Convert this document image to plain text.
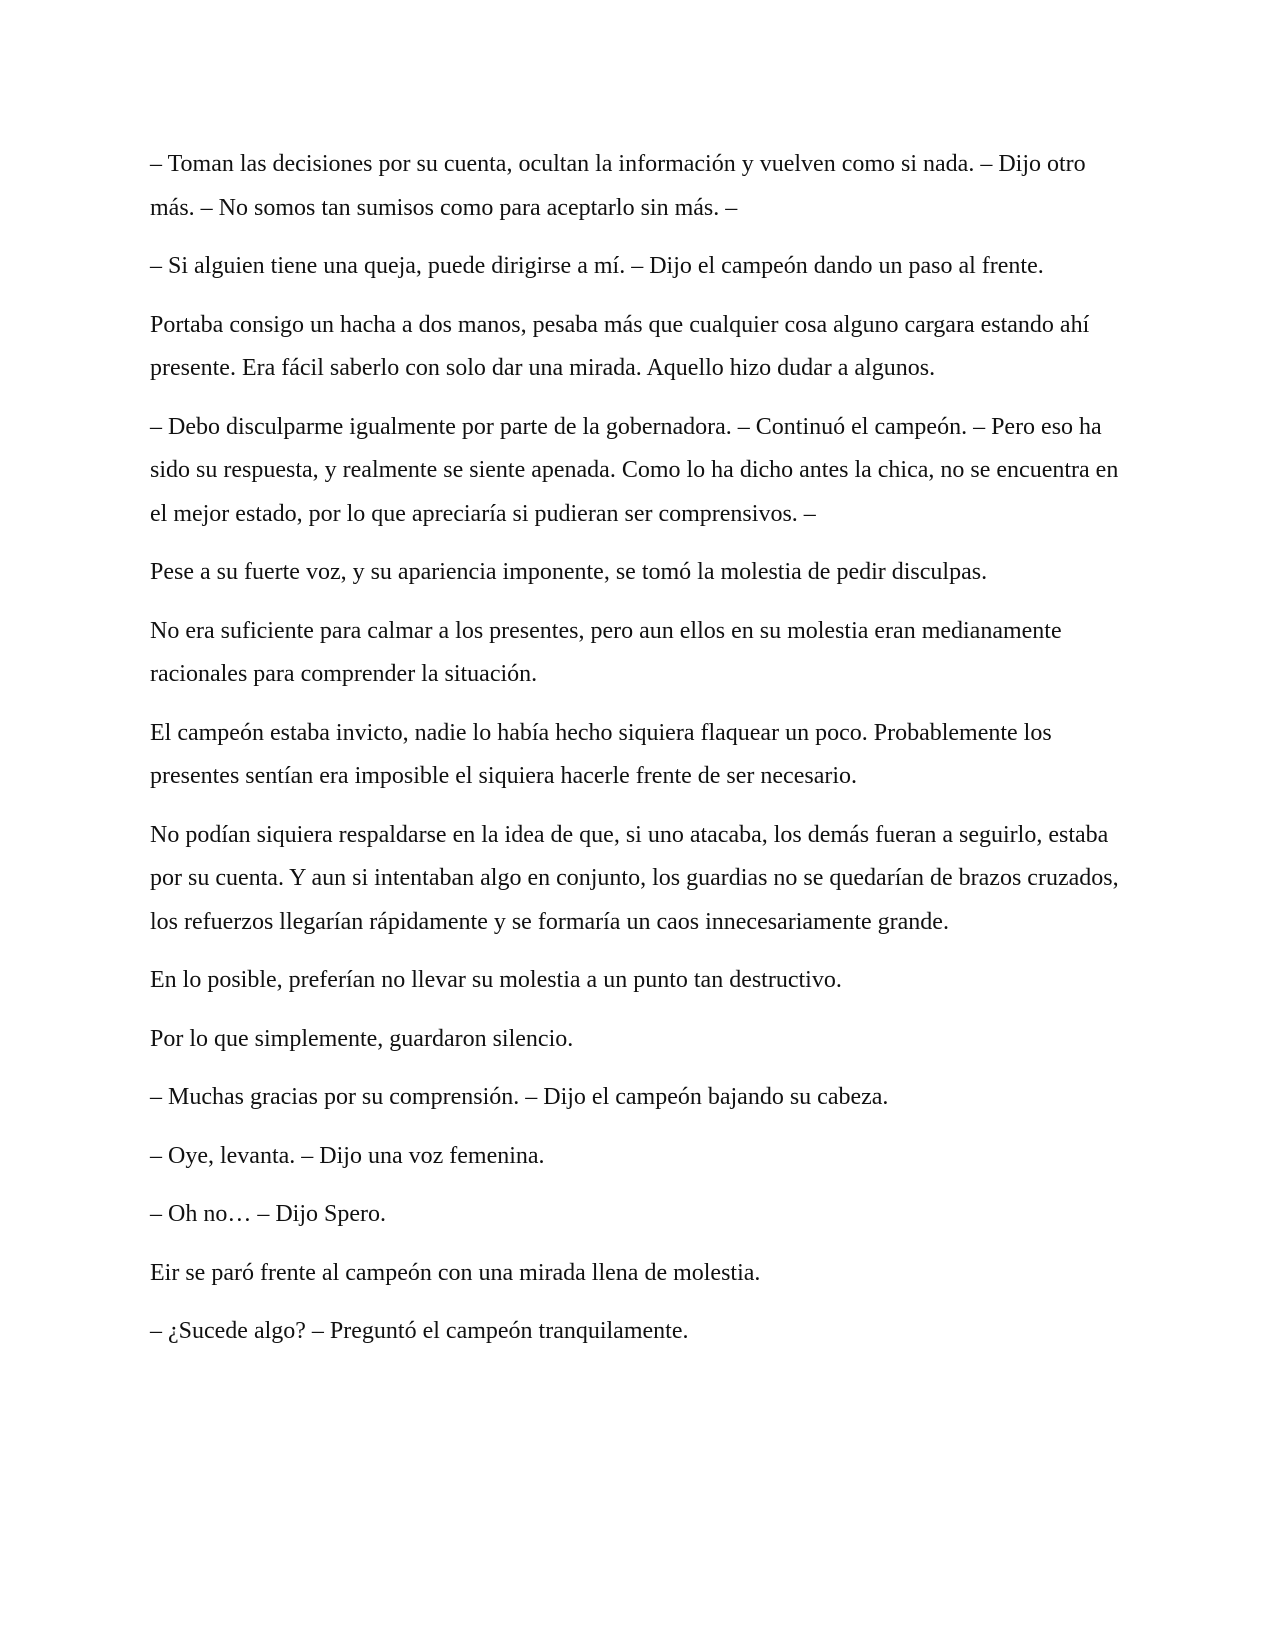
– Toman las decisiones por su cuenta, ocultan la información y vuelven como si nada. – Dijo otro más. – No somos tan sumisos como para aceptarlo sin más. –

– Si alguien tiene una queja, puede dirigirse a mí. – Dijo el campeón dando un paso al frente.

Portaba consigo un hacha a dos manos, pesaba más que cualquier cosa alguno cargara estando ahí presente. Era fácil saberlo con solo dar una mirada. Aquello hizo dudar a algunos.

– Debo disculparme igualmente por parte de la gobernadora. – Continuó el campeón. – Pero eso ha sido su respuesta, y realmente se siente apenada. Como lo ha dicho antes la chica, no se encuentra en el mejor estado, por lo que apreciaría si pudieran ser comprensivos. –

Pese a su fuerte voz, y su apariencia imponente, se tomó la molestia de pedir disculpas.

No era suficiente para calmar a los presentes, pero aun ellos en su molestia eran medianamente racionales para comprender la situación.

El campeón estaba invicto, nadie lo había hecho siquiera flaquear un poco. Probablemente los presentes sentían era imposible el siquiera hacerle frente de ser necesario.

No podían siquiera respaldarse en la idea de que, si uno atacaba, los demás fueran a seguirlo, estaba por su cuenta. Y aun si intentaban algo en conjunto, los guardias no se quedarían de brazos cruzados, los refuerzos llegarían rápidamente y se formaría un caos innecesariamente grande.

En lo posible, preferían no llevar su molestia a un punto tan destructivo.

Por lo que simplemente, guardaron silencio.

– Muchas gracias por su comprensión. – Dijo el campeón bajando su cabeza.

– Oye, levanta. – Dijo una voz femenina.

– Oh no… – Dijo Spero.

Eir se paró frente al campeón con una mirada llena de molestia.

– ¿Sucede algo? – Preguntó el campeón tranquilamente.
